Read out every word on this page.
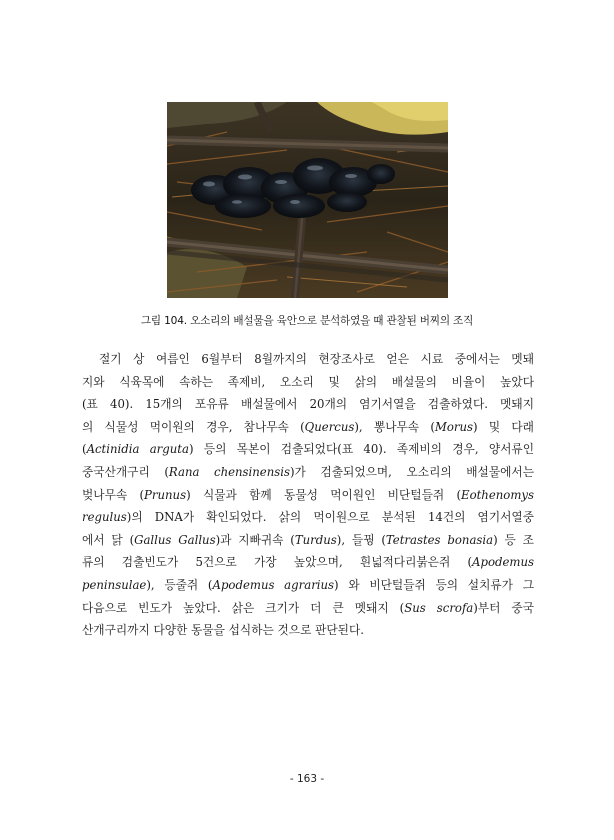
그림 104. 오소리의 배설물을 육안으로 분석하였을 때 관찰된 버찌의 조직
절기 상 여름인 6월부터 8월까지의 현장조사로 얻은 시료 중에서는 멧돼
지와 식육목에 속하는 족제비, 오소리 및 삵의 배설물의 비율이 높았다
(표 40). 15개의 포유류 배설물에서 20개의 염기서열을 검출하였다. 멧돼지
의 식물성 먹이원의 경우, 참나무속 (Quercus), 뽕나무속 (Morus) 및 다래
(Actinidia arguta) 등의 목본이 검출되었다(표 40). 족제비의 경우, 양서류인
중국산개구리 (Rana chensinensis)가 검출되었으며, 오소리의 배설물에서는
벚나무속 (Prunus) 식물과 함께 동물성 먹이원인 비단털들쥐 (Eothenomys
regulus)의 DNA가 확인되었다. 삵의 먹이원으로 분석된 14건의 염기서열중
에서 닭 (Gallus Gallus)과 지빠귀속 (Turdus), 들꿩 (Tetrastes bonasia) 등 조
류의 검출빈도가 5건으로 가장 높았으며, 흰넓적다리붉은쥐 (Apodemus
peninsulae), 등줄쥐 (Apodemus agrarius) 와 비단털들쥐 등의 설치류가 그
다음으로 빈도가 높았다. 삵은 크기가 더 큰 멧돼지 (Sus scrofa)부터 중국
산개구리까지 다양한 동물을 섭식하는 것으로 판단된다.
- 163 -
